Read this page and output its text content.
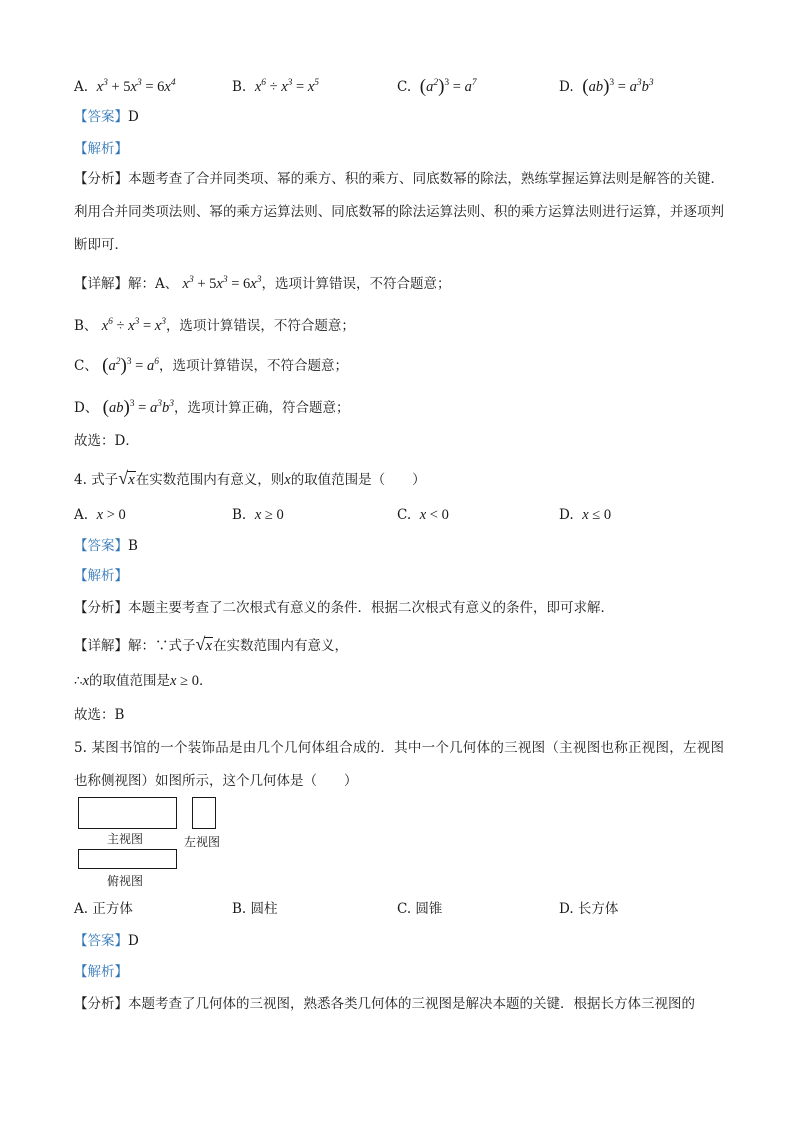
A. $x^3 + 5x^3 = 6x^4$	B. $x^6 \div x^3 = x^5$	C. $(a^2)^3 = a^7$	D. $(ab)^3 = a^3b^3$
【答案】D
【解析】
【分析】本题考查了合并同类项、幂的乘方、积的乘方、同底数幂的除法，熟练掌握运算法则是解答的关键．利用合并同类项法则、幂的乘方运算法则、同底数幂的除法运算法则、积的乘方运算法则进行运算，并逐项判断即可．
【详解】解：A、 $x^3 + 5x^3 = 6x^3$，选项计算错误，不符合题意；
B、 $x^6 \div x^3 = x^3$，选项计算错误，不符合题意；
C、 $(a^2)^3 = a^6$，选项计算错误，不符合题意；
D、 $(ab)^3 = a^3b^3$，选项计算正确，符合题意；
故选：D．
4. 式子√x在实数范围内有意义，则x的取值范围是（　　）
A. x > 0	B. x ≥ 0	C. x < 0	D. x ≤ 0
【答案】B
【解析】
【分析】本题主要考查了二次根式有意义的条件．根据二次根式有意义的条件，即可求解．
【详解】解：∵式子√x在实数范围内有意义，
∴x的取值范围是x ≥ 0．
故选：B
5. 某图书馆的一个装饰品是由几个几何体组合成的．其中一个几何体的三视图（主视图也称正视图，左视图也称侧视图）如图所示，这个几何体是（　　）
主视图	左视图
俯视图
A. 正方体	B. 圆柱	C. 圆锥	D. 长方体
【答案】D
【解析】
【分析】本题考查了几何体的三视图，熟悉各类几何体的三视图是解决本题的关键．根据长方体三视图的
